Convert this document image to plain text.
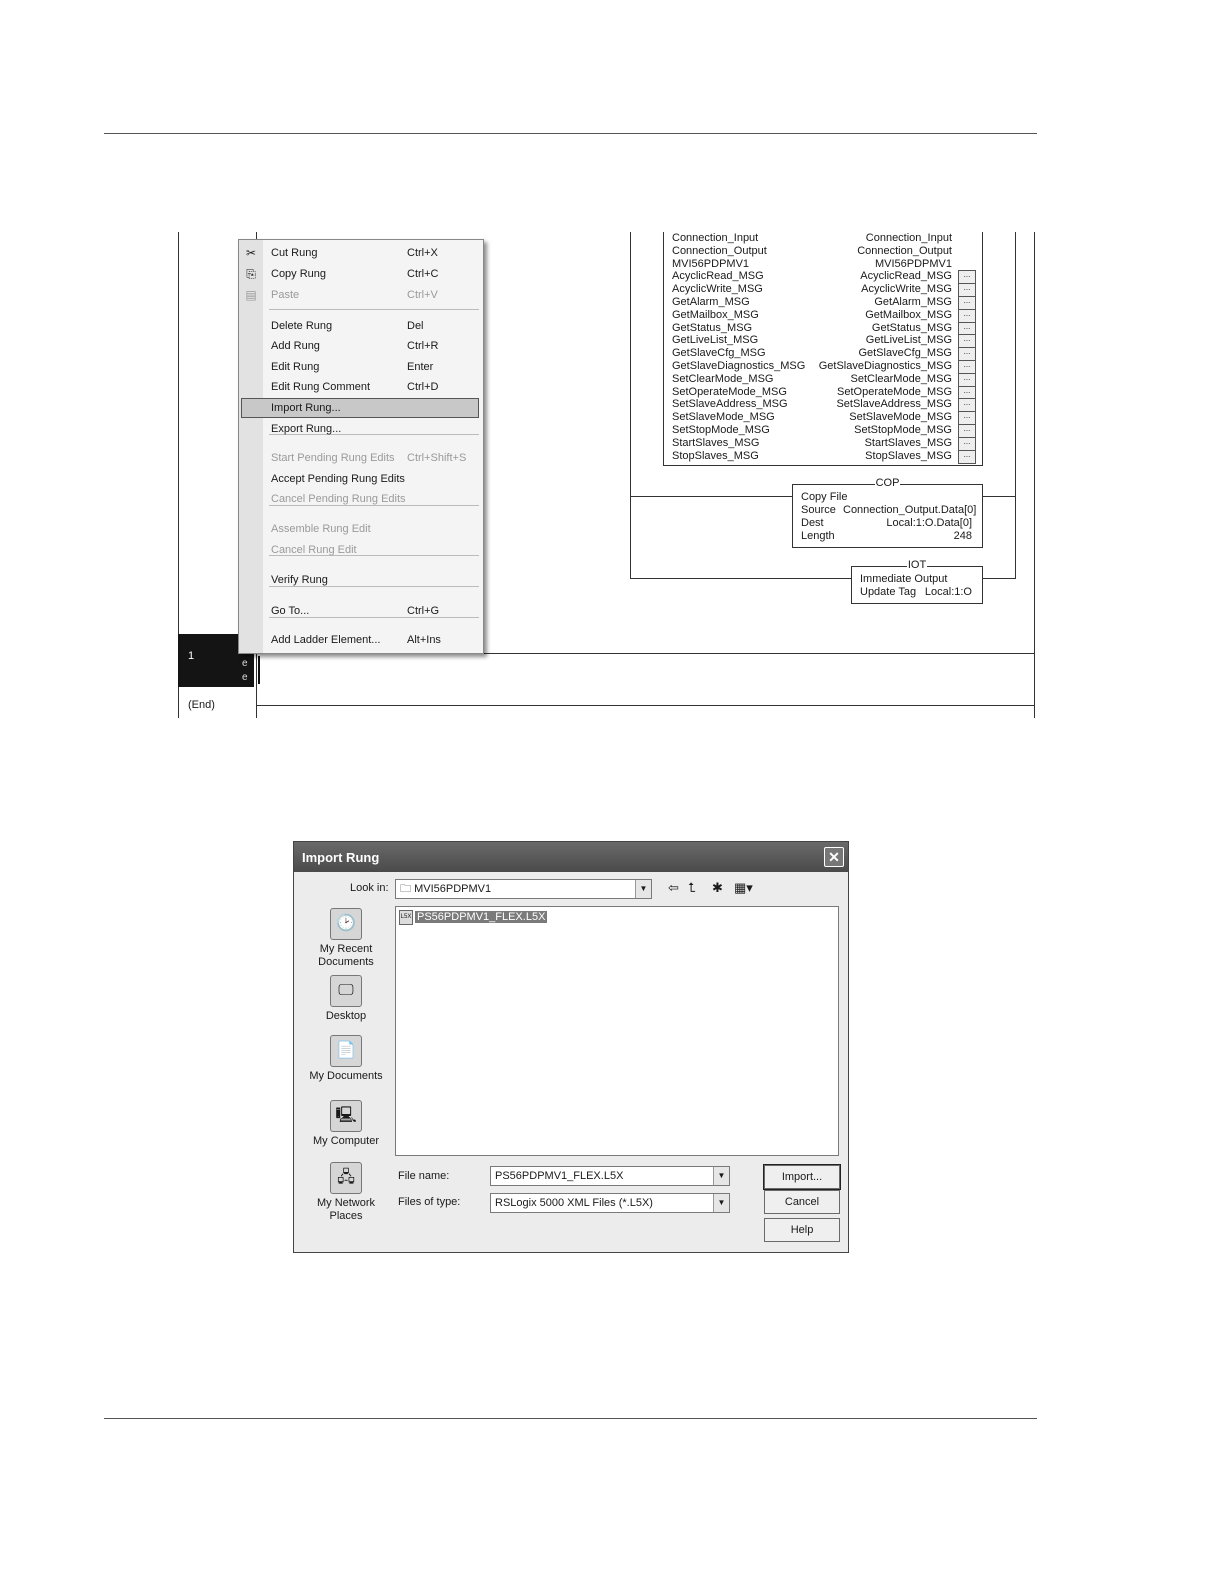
Connection_Input	Connection_Input
Connection_Output	Connection_Output
MVI56PDPMV1	MVI56PDPMV1
AcyclicRead_MSG	AcyclicRead_MSG	...
AcyclicWrite_MSG	AcyclicWrite_MSG	...
GetAlarm_MSG	GetAlarm_MSG	...
GetMailbox_MSG	GetMailbox_MSG	...
GetStatus_MSG	GetStatus_MSG	...
GetLiveList_MSG	GetLiveList_MSG	...
GetSlaveCfg_MSG	GetSlaveCfg_MSG	...
GetSlaveDiagnostics_MSG GetSlaveDiagnostics_MSG	...
SetClearMode_MSG	SetClearMode_MSG	...
SetOperateMode_MSG	SetOperateMode_MSG	...
SetSlaveAddress_MSG	SetSlaveAddress_MSG	...
SetSlaveMode_MSG	SetSlaveMode_MSG	...
SetStopMode_MSG	SetStopMode_MSG	...
StartSlaves_MSG	StartSlaves_MSG	...
StopSlaves_MSG	StopSlaves_MSG	...
COP
Copy File
Source Connection_Output.Data[0]
Dest	Local:1:O.Data[0]
Length	248
IOT
Immediate Output
Update Tag Local:1:O
1
e
e
(End)
✂ Cut Rung	Ctrl+X
⎘ Copy Rung	Ctrl+C
▤ Paste	Ctrl+V
Delete Rung	Del
Add Rung	Ctrl+R
Edit Rung	Enter
Edit Rung Comment	Ctrl+D
Import Rung...
Export Rung...
Start Pending Rung Edits Ctrl+Shift+S
Accept Pending Rung Edits
Cancel Pending Rung Edits
Assemble Rung Edit
Cancel Rung Edit
Verify Rung
Go To...	Ctrl+G
Add Ladder Element... Alt+Ins
Import Rung	✕
Look in: 🗀 MVI56PDPMV1	▼ ⇦ ⮤ ✱ ▦▾
🕑
My Recent Documents
🖵
Desktop
📄
My Documents
🖳
My Computer
🖧
My Network Places
L5X PS56PDPMV1_FLEX.L5X
File name:	PS56PDPMV1_FLEX.L5X	▼
Files of type:	RSLogix 5000 XML Files (*.L5X)	▼
Import...
Cancel
Help
